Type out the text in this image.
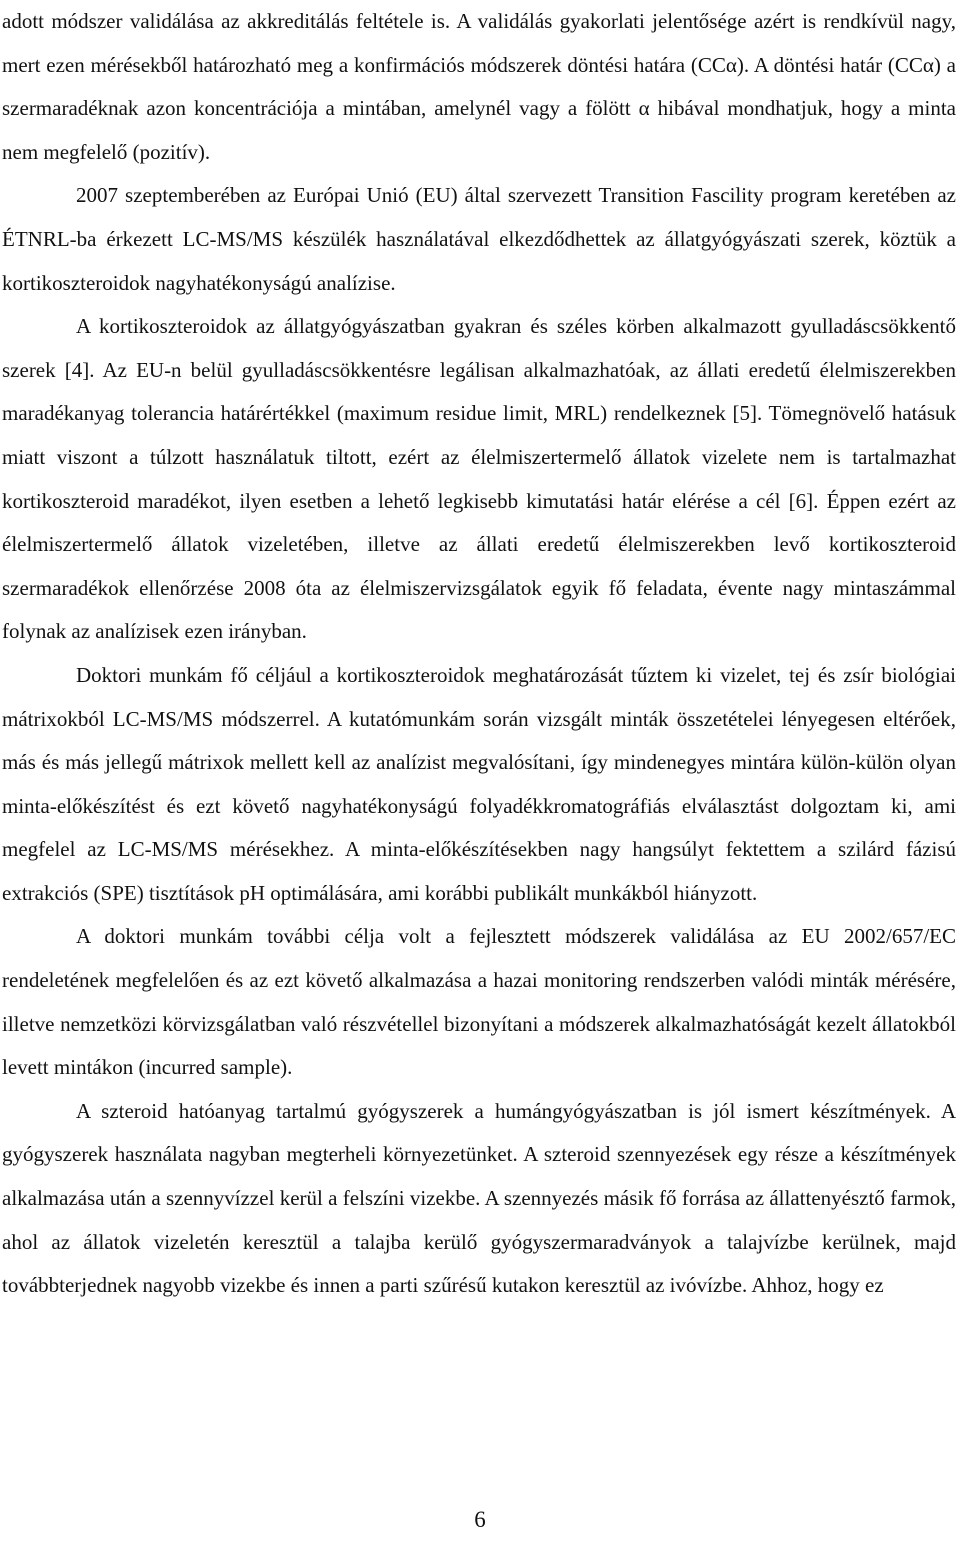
adott módszer validálása az akkreditálás feltétele is. A validálás gyakorlati jelentősége azért is rendkívül nagy, mert ezen mérésekből határozható meg a konfirmációs módszerek döntési határa (CCα). A döntési határ (CCα) a szermaradéknak azon koncentrációja a mintában, amelynél vagy a fölött α hibával mondhatjuk, hogy a minta nem megfelelő (pozitív).

2007 szeptemberében az Európai Unió (EU) által szervezett Transition Fascility program keretében az ÉTNRL-ba érkezett LC-MS/MS készülék használatával elkezdődhettek az állatgyógyászati szerek, köztük a kortikoszteroidok nagyhatékonyságú analízise.

A kortikoszteroidok az állatgyógyászatban gyakran és széles körben alkalmazott gyulladáscsökkentő szerek [4]. Az EU-n belül gyulladáscsökkentésre legálisan alkalmazhatóak, az állati eredetű élelmiszerekben maradékanyag tolerancia határértékkel (maximum residue limit, MRL) rendelkeznek [5]. Tömegnövelő hatásuk miatt viszont a túlzott használatuk tiltott, ezért az élelmiszertermelő állatok vizelete nem is tartalmazhat kortikoszteroid maradékot, ilyen esetben a lehető legkisebb kimutatási határ elérése a cél [6]. Éppen ezért az élelmiszertermelő állatok vizeletében, illetve az állati eredetű élelmiszerekben levő kortikoszteroid szermaradékok ellenőrzése 2008 óta az élelmiszervizsgálatok egyik fő feladata, évente nagy mintaszámmal folynak az analízisek ezen irányban.

Doktori munkám fő céljául a kortikoszteroidok meghatározását tűztem ki vizelet, tej és zsír biológiai mátrixokból LC-MS/MS módszerrel. A kutatómunkám során vizsgált minták összetételei lényegesen eltérőek, más és más jellegű mátrixok mellett kell az analízist megvalósítani, így mindenegyes mintára külön-külön olyan minta-előkészítést és ezt követő nagyhatékonyságú folyadékkromatográfiás elválasztást dolgoztam ki, ami megfelel az LC-MS/MS mérésekhez. A minta-előkészítésekben nagy hangsúlyt fektettem a szilárd fázisú extrakciós (SPE) tisztítások pH optimálására, ami korábbi publikált munkákból hiányzott.

A doktori munkám további célja volt a fejlesztett módszerek validálása az EU 2002/657/EC rendeletének megfelelően és az ezt követő alkalmazása a hazai monitoring rendszerben valódi minták mérésére, illetve nemzetközi körvizsgálatban való részvétellel bizonyítani a módszerek alkalmazhatóságát kezelt állatokból levett mintákon (incurred sample).

A szteroid hatóanyag tartalmú gyógyszerek a humángyógyászatban is jól ismert készítmények. A gyógyszerek használata nagyban megterheli környezetünket. A szteroid szennyezések egy része a készítmények alkalmazása után a szennyvízzel kerül a felszíni vizekbe. A szennyezés másik fő forrása az állattenyésztő farmok, ahol az állatok vizeletén keresztül a talajba kerülő gyógyszermaradványok a talajvízbe kerülnek, majd továbbterjednek nagyobb vizekbe és innen a parti szűrésű kutakon keresztül az ivóvízbe. Ahhoz, hogy ez

6
